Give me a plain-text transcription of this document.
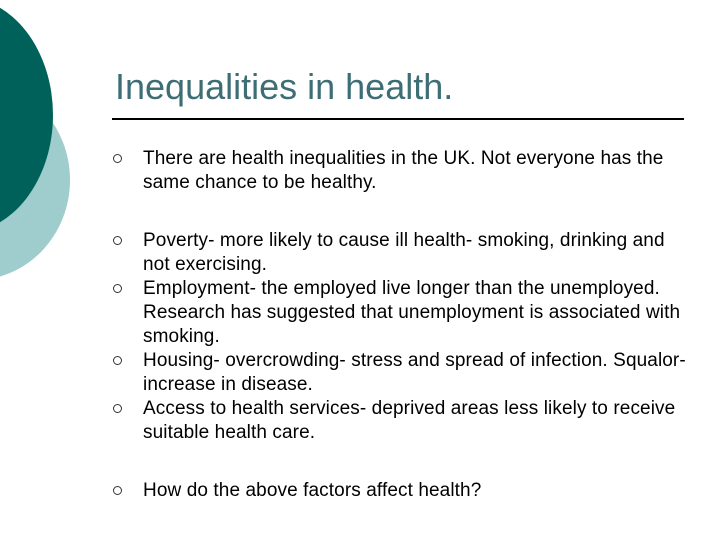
Inequalities in health.
There are health inequalities in the UK. Not everyone has the same chance to be healthy.
Poverty- more likely to cause ill health- smoking, drinking and not exercising.
Employment- the employed live longer than the unemployed. Research has suggested that unemployment is associated with smoking.
Housing- overcrowding- stress and spread of infection. Squalor- increase in disease.
Access to health services- deprived areas less likely to receive suitable health care.
How do the above factors affect health?
